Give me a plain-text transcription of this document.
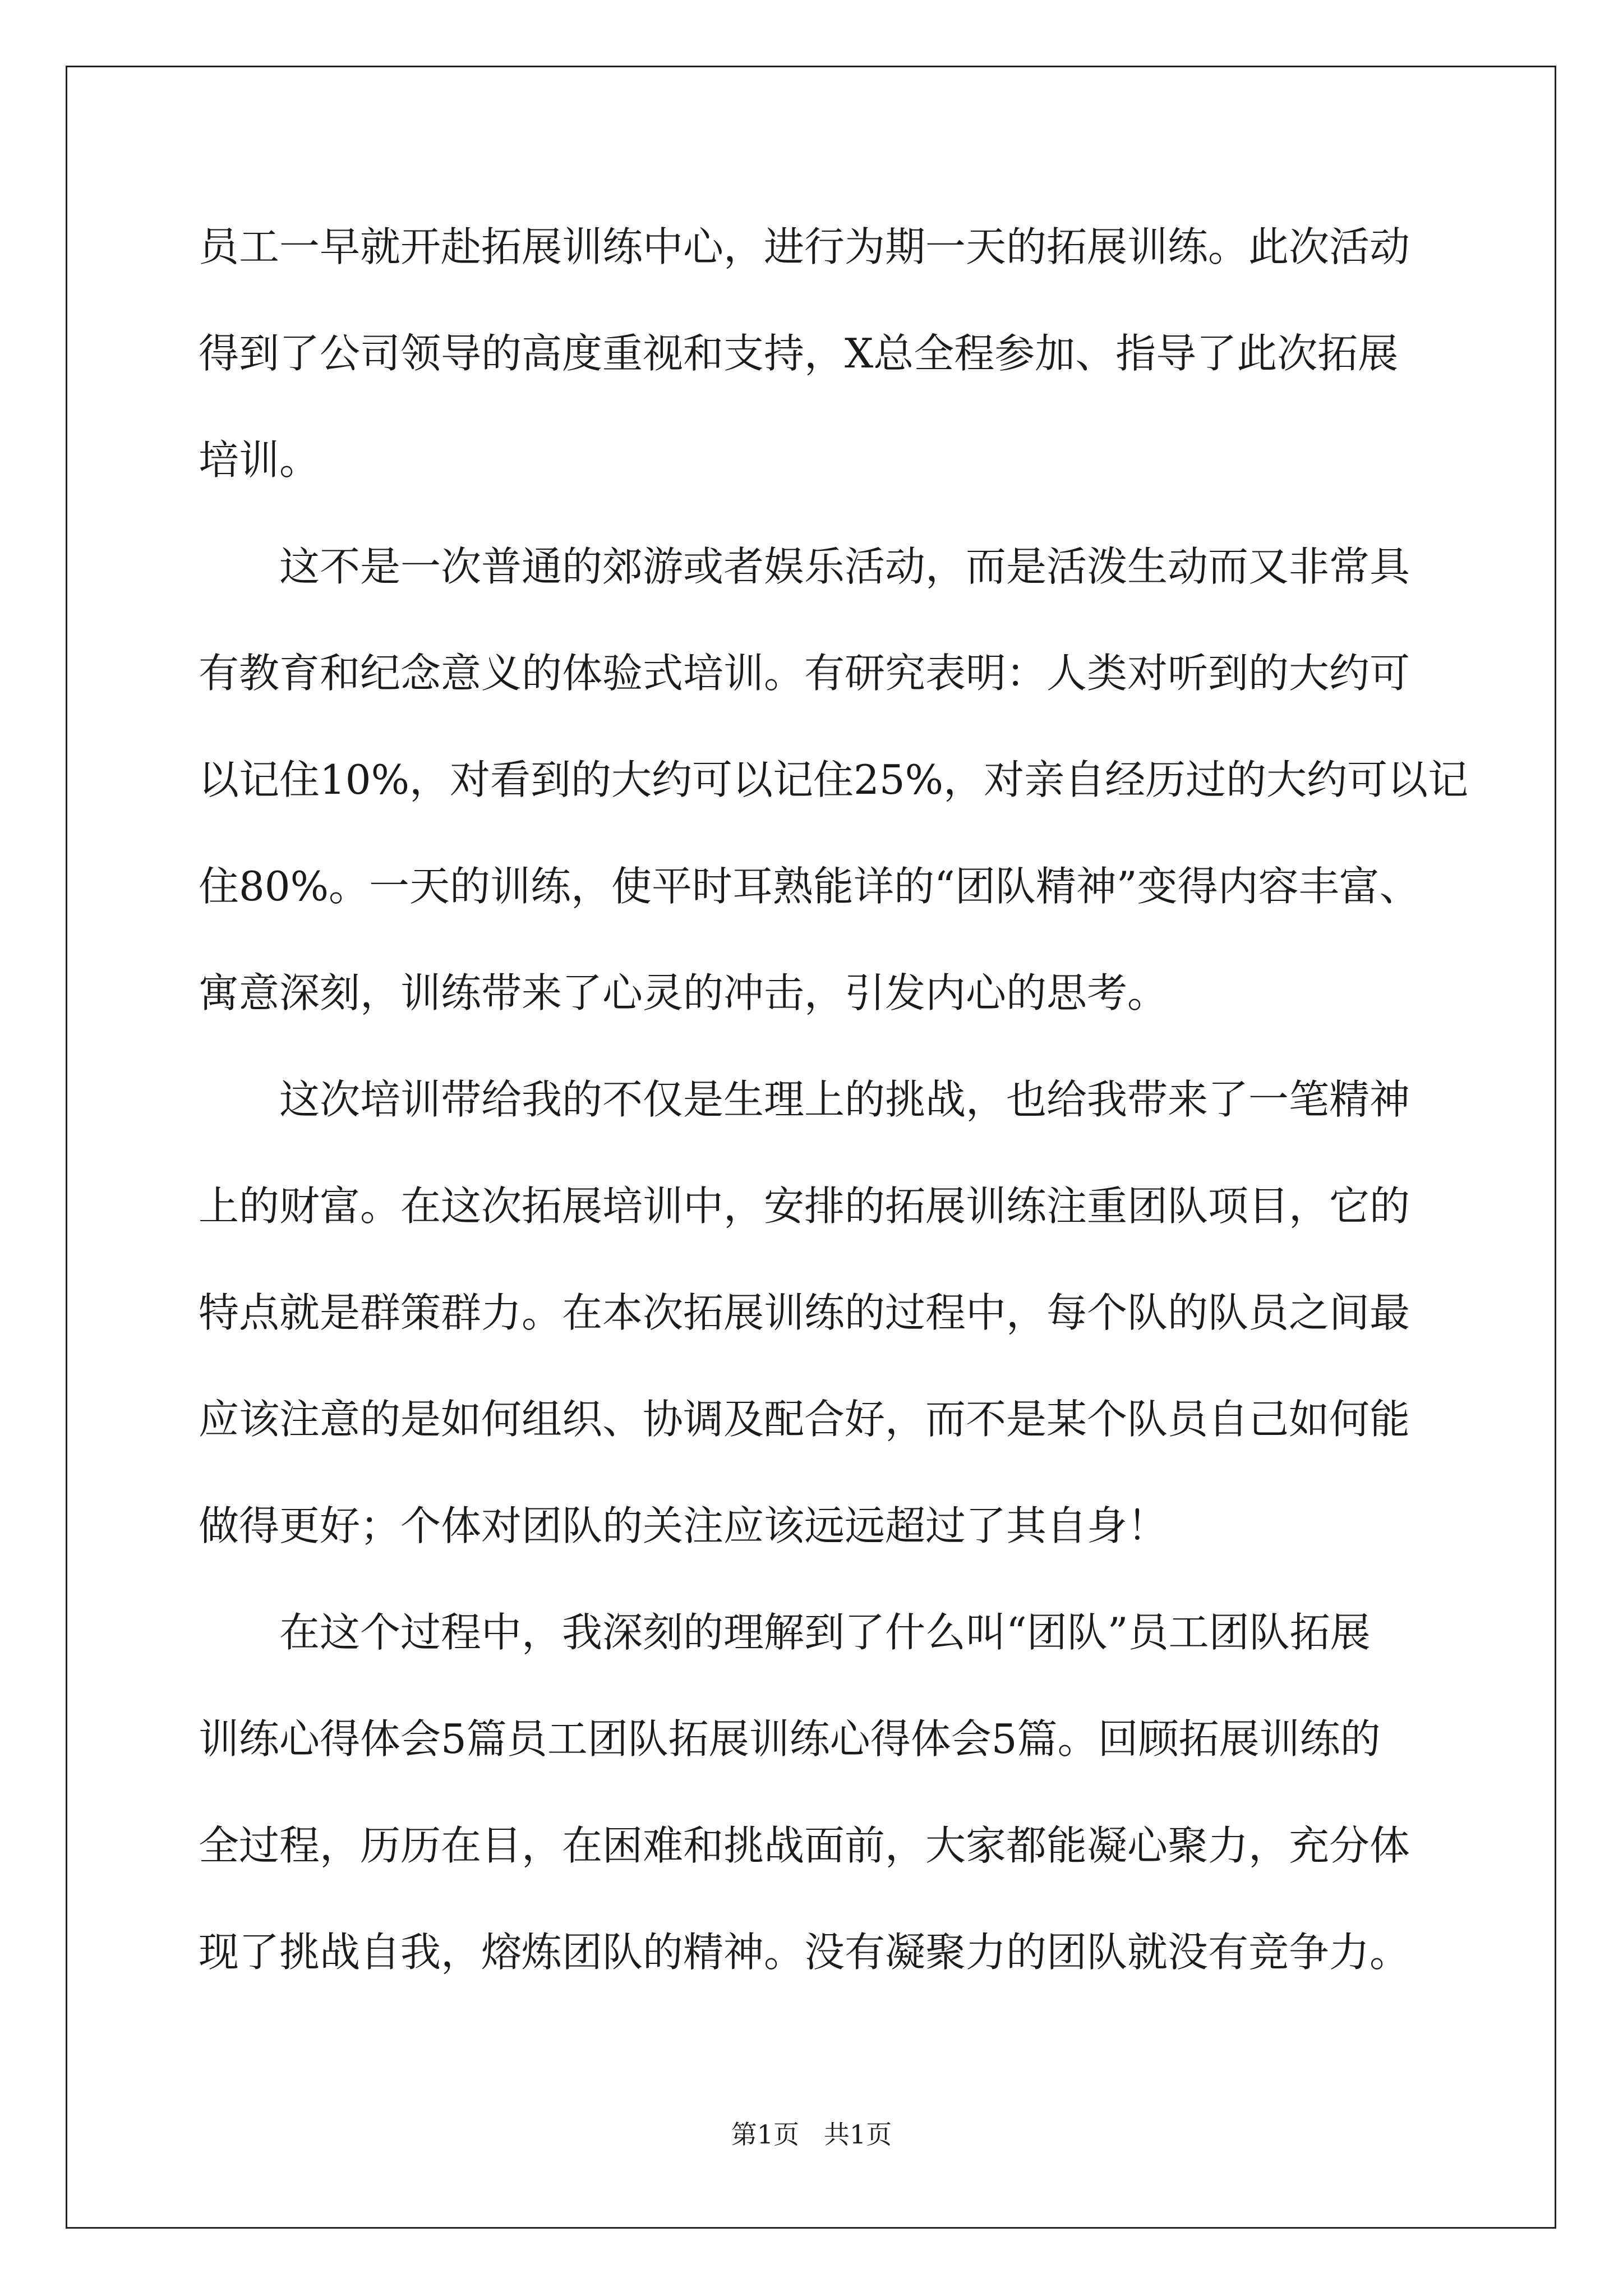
员工一早就开赴拓展训练中心，进行为期一天的拓展训练。此次活动
得到了公司领导的高度重视和支持，X总全程参加、指导了此次拓展
培训。
这不是一次普通的郊游或者娱乐活动，而是活泼生动而又非常具
有教育和纪念意义的体验式培训。有研究表明：人类对听到的大约可
以记住10%，对看到的大约可以记住25%，对亲自经历过的大约可以记
住80%。一天的训练，使平时耳熟能详的“团队精神”变得内容丰富、
寓意深刻，训练带来了心灵的冲击，引发内心的思考。
这次培训带给我的不仅是生理上的挑战，也给我带来了一笔精神
上的财富。在这次拓展培训中，安排的拓展训练注重团队项目，它的
特点就是群策群力。在本次拓展训练的过程中，每个队的队员之间最
应该注意的是如何组织、协调及配合好，而不是某个队员自己如何能
做得更好；个体对团队的关注应该远远超过了其自身！
在这个过程中，我深刻的理解到了什么叫“团队”员工团队拓展
训练心得体会5篇员工团队拓展训练心得体会5篇。回顾拓展训练的
全过程，历历在目，在困难和挑战面前，大家都能凝心聚力，充分体
现了挑战自我，熔炼团队的精神。没有凝聚力的团队就没有竞争力。
第1页   共1页
